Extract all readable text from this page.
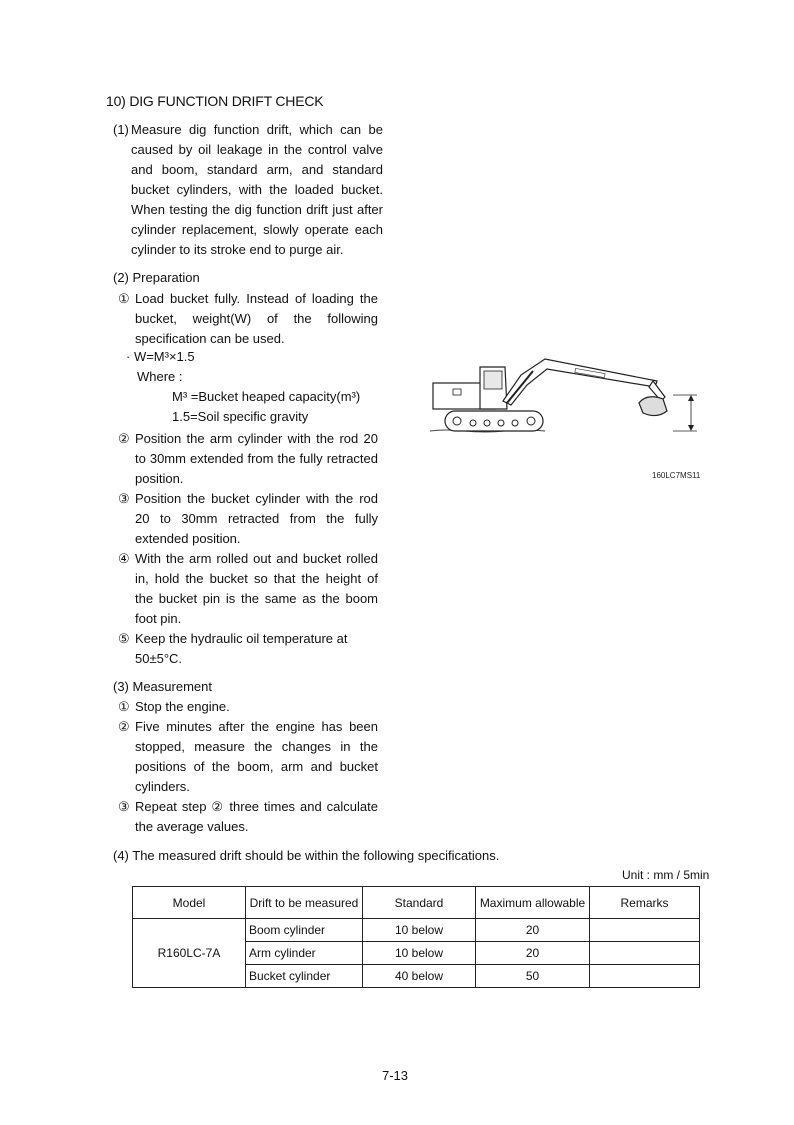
10) DIG FUNCTION DRIFT CHECK
(1) Measure dig function drift, which can be caused by oil leakage in the control valve and boom, standard arm, and standard bucket cylinders, with the loaded bucket. When testing the dig function drift just after cylinder replacement, slowly operate each cylinder to its stroke end to purge air.
(2) Preparation
① Load bucket fully. Instead of loading the bucket, weight(W) of the following specification can be used.
· W=M³×1.5
Where :
M³ =Bucket heaped capacity(m³)
1.5=Soil specific gravity
② Position the arm cylinder with the rod 20 to 30mm extended from the fully retracted position.
③ Position the bucket cylinder with the rod 20 to 30mm retracted from the fully extended position.
④ With the arm rolled out and bucket rolled in, hold the bucket so that the height of the bucket pin is the same as the boom foot pin.
⑤ Keep the hydraulic oil temperature at 50±5°C.
160LC7MS11
(3) Measurement
① Stop the engine.
② Five minutes after the engine has been stopped, measure the changes in the positions of the boom, arm and bucket cylinders.
③ Repeat step ② three times and calculate the average values.
(4) The measured drift should be within the following specifications.
Unit : mm / 5min
Model	Drift to be measured	Standard	Maximum allowable	Remarks
R160LC-7A	Boom cylinder	10 below	20	
	Arm cylinder	10 below	20	
	Bucket cylinder	40 below	50	
7-13
